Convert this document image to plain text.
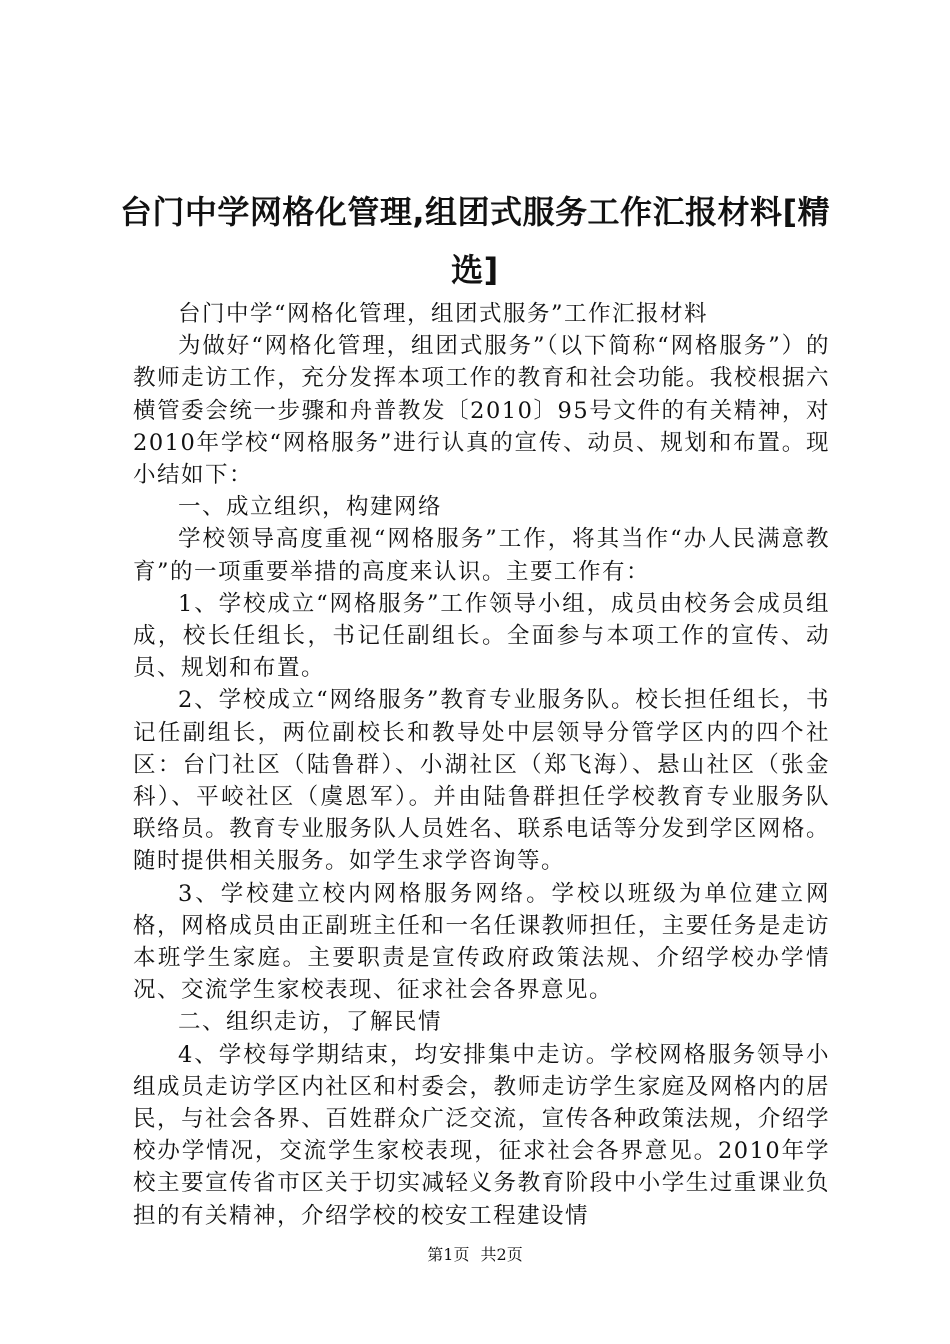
台门中学网格化管理,组团式服务工作汇报材料[精选]

台门中学“网格化管理，组团式服务”工作汇报材料

为做好“网格化管理，组团式服务”（以下简称“网格服务”）的教师走访工作，充分发挥本项工作的教育和社会功能。我校根据六横管委会统一步骤和舟普教发〔2010〕95号文件的有关精神，对2010年学校“网格服务”进行认真的宣传、动员、规划和布置。现小结如下：

一、成立组织，构建网络

学校领导高度重视“网格服务”工作，将其当作“办人民满意教育”的一项重要举措的高度来认识。主要工作有：

1、学校成立“网格服务”工作领导小组，成员由校务会成员组成，校长任组长，书记任副组长。全面参与本项工作的宣传、动员、规划和布置。

2、学校成立“网络服务”教育专业服务队。校长担任组长，书记任副组长，两位副校长和教导处中层领导分管学区内的四个社区：台门社区（陆鲁群）、小湖社区（郑飞海）、悬山社区（张金科）、平峧社区（虞恩军）。并由陆鲁群担任学校教育专业服务队联络员。教育专业服务队人员姓名、联系电话等分发到学区网格。随时提供相关服务。如学生求学咨询等。

3、学校建立校内网格服务网络。学校以班级为单位建立网格，网格成员由正副班主任和一名任课教师担任，主要任务是走访本班学生家庭。主要职责是宣传政府政策法规、介绍学校办学情况、交流学生家校表现、征求社会各界意见。

二、组织走访，了解民情

4、学校每学期结束，均安排集中走访。学校网格服务领导小组成员走访学区内社区和村委会，教师走访学生家庭及网格内的居民，与社会各界、百姓群众广泛交流，宣传各种政策法规，介绍学校办学情况，交流学生家校表现，征求社会各界意见。2010年学校主要宣传省市区关于切实减轻义务教育阶段中小学生过重课业负担的有关精神，介绍学校的校安工程建设情

第1页 共2页
